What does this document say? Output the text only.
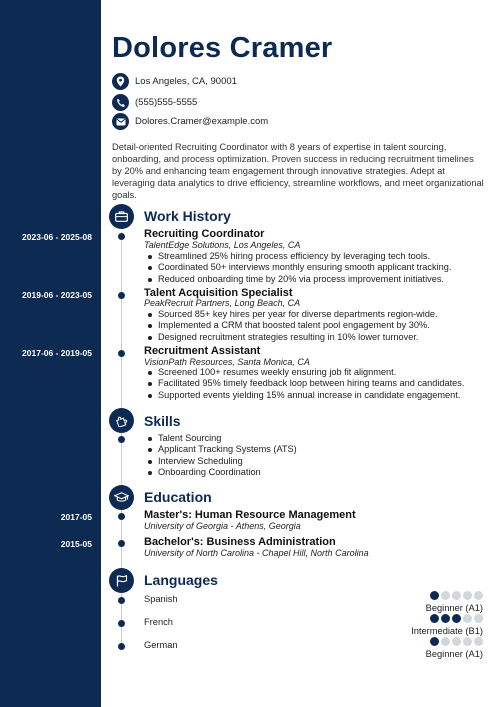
Dolores Cramer
Los Angeles, CA, 90001
(555)555-5555
Dolores.Cramer@example.com
Detail-oriented Recruiting Coordinator with 8 years of expertise in talent sourcing, onboarding, and process optimization. Proven success in reducing recruitment timelines by 20% and enhancing team engagement through innovative strategies. Adept at leveraging data analytics to drive efficiency, streamline workflows, and meet organizational goals.
Work History
2023-06 - 2025-08	Recruiting Coordinator
TalentEdge Solutions, Los Angeles, CA
Streamlined 25% hiring process efficiency by leveraging tech tools.
Coordinated 50+ interviews monthly ensuring smooth applicant tracking.
Reduced onboarding time by 20% via process improvement initiatives.
2019-06 - 2023-05	Talent Acquisition Specialist
PeakRecruit Partners, Long Beach, CA
Sourced 85+ key hires per year for diverse departments region-wide.
Implemented a CRM that boosted talent pool engagement by 30%.
Designed recruitment strategies resulting in 10% lower turnover.
2017-06 - 2019-05	Recruitment Assistant
VisionPath Resources, Santa Monica, CA
Screened 100+ resumes weekly ensuring job fit alignment.
Facilitated 95% timely feedback loop between hiring teams and candidates.
Supported events yielding 15% annual increase in candidate engagement.
Skills
Talent Sourcing
Applicant Tracking Systems (ATS)
Interview Scheduling
Onboarding Coordination
Education
2017-05	Master's: Human Resource Management
University of Georgia - Athens, Georgia
2015-05	Bachelor's: Business Administration
University of North Carolina - Chapel Hill, North Carolina
Languages
Spanish
Beginner (A1)
French
Intermediate (B1)
German
Beginner (A1)
